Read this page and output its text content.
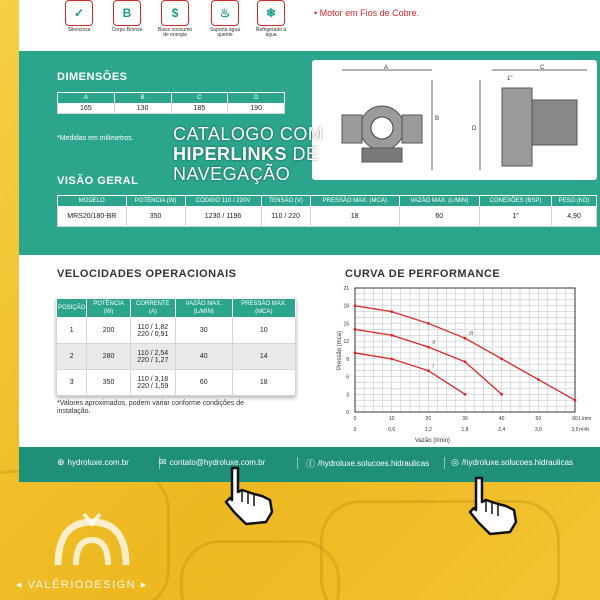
✓
Silenciosa
B
Corpo Bronze
$
Baixo consumo de energia
♨
Suporta água quente
❄
Refrigerado a água
• Motor em Fios de Cobre.
DIMENSÕES
A	B	C	D
165	130	185	190
*Medidas em milimetros.
A
B
C
D
1"
VISÃO GERAL
MODELO	POTÊNCIA (W)	CÓDIGO 110 / 220V	TENSÃO (V)	PRESSÃO MAX. (MCA)	VAZÃO MAX. (L/MIN)	CONEXÕES (BSP)	PESO (KG)
MRS20/180-BR	350	1230 / 1196	110 / 220	18	60	1"	4,90
CATALOGO COM
HIPERLINKS DE
NAVEGAÇÃO
VELOCIDADES OPERACIONAIS
POSIÇÃO	POTÊNCIA (W)	CORRENTE (A)	VAZÃO MAX. (L/MIN)	PRESSÃO MAX. (MCA)
1	200	110 / 1,82
220 / 0,91	30	10
2	280	110 / 2,54
220 / 1,27	40	14
3	350	110 / 3,18
220 / 1,59	60	18
*Valores aproximados, podem variar conforme condições de instalação.
CURVA DE PERFORMANCE
0
3
6
9
12
15
18
21
0	10	20	30	40	50	60
0	0,6	1,2	1,8	2,4	3,0	3,5
L/min
m³/h
Vazão (l/min)
Pressão (mca)	III
II
I
⊕ hydroluxe.com.br	✉ contato@hydroluxe.com.br	ⓕ /hydroluxe.solucoes.hidraulicas ◎ /hydroluxe.solucoes.hidraulicas
◂ VALÉRIODESIGN ▸
